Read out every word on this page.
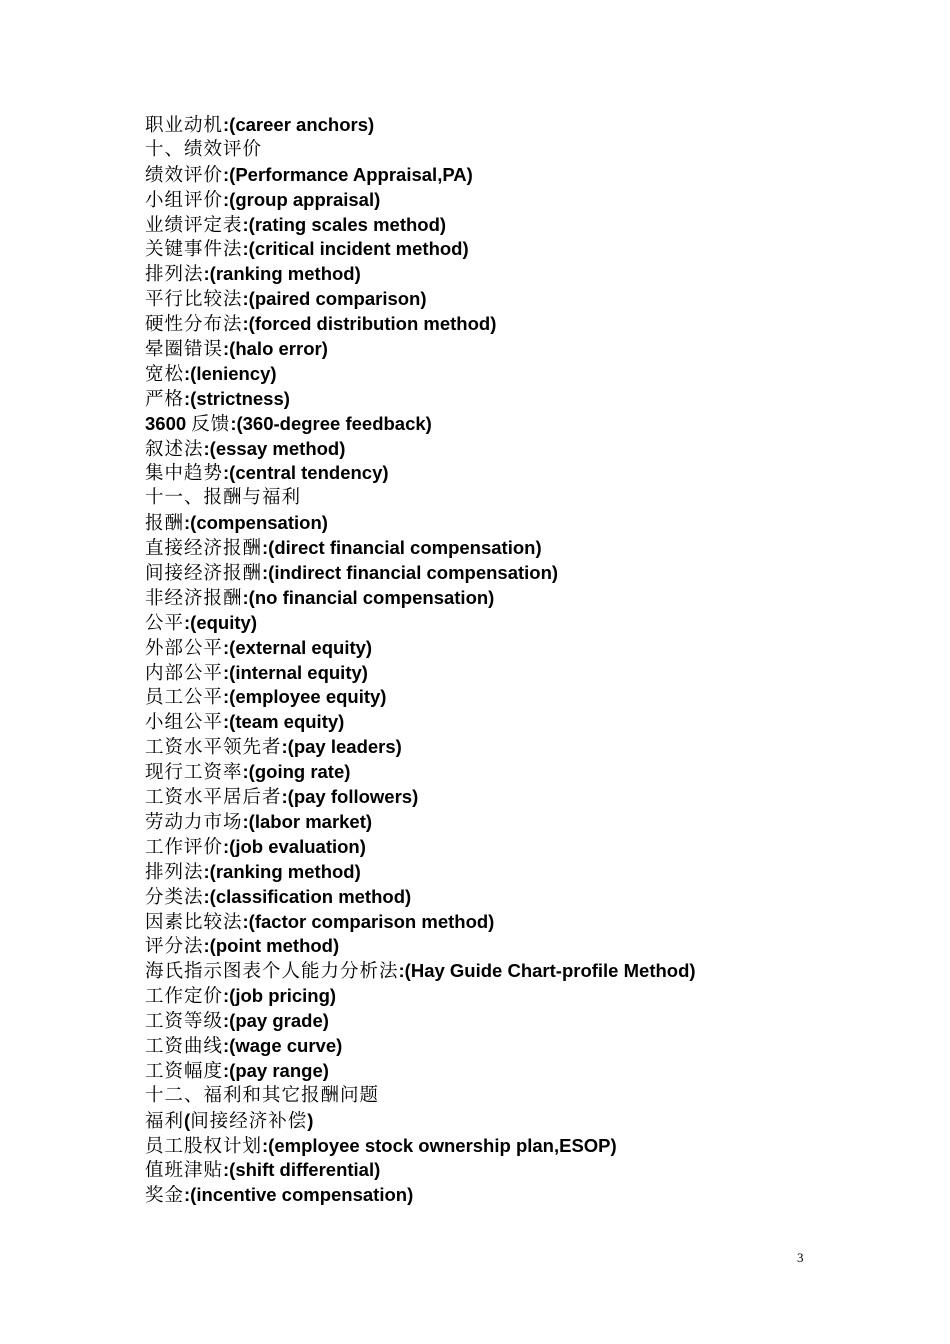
职业动机:(career anchors)
十、绩效评价
绩效评价:(Performance Appraisal,PA)
小组评价:(group appraisal)
业绩评定表:(rating scales method)
关键事件法:(critical incident method)
排列法:(ranking method)
平行比较法:(paired comparison)
硬性分布法:(forced distribution method)
晕圈错误:(halo error)
宽松:(leniency)
严格:(strictness)
3600 反馈:(360-degree feedback)
叙述法:(essay method)
集中趋势:(central tendency)
十一、报酬与福利
报酬:(compensation)
直接经济报酬:(direct financial compensation)
间接经济报酬:(indirect financial compensation)
非经济报酬:(no financial compensation)
公平:(equity)
外部公平:(external equity)
内部公平:(internal equity)
员工公平:(employee equity)
小组公平:(team equity)
工资水平领先者:(pay leaders)
现行工资率:(going rate)
工资水平居后者:(pay followers)
劳动力市场:(labor market)
工作评价:(job evaluation)
排列法:(ranking method)
分类法:(classification method)
因素比较法:(factor comparison method)
评分法:(point method)
海氏指示图表个人能力分析法:(Hay Guide Chart-profile Method)
工作定价:(job pricing)
工资等级:(pay grade)
工资曲线:(wage curve)
工资幅度:(pay range)
十二、福利和其它报酬问题
福利(间接经济补偿)
员工股权计划:(employee stock ownership plan,ESOP)
值班津贴:(shift differential)
奖金:(incentive compensation)
3
